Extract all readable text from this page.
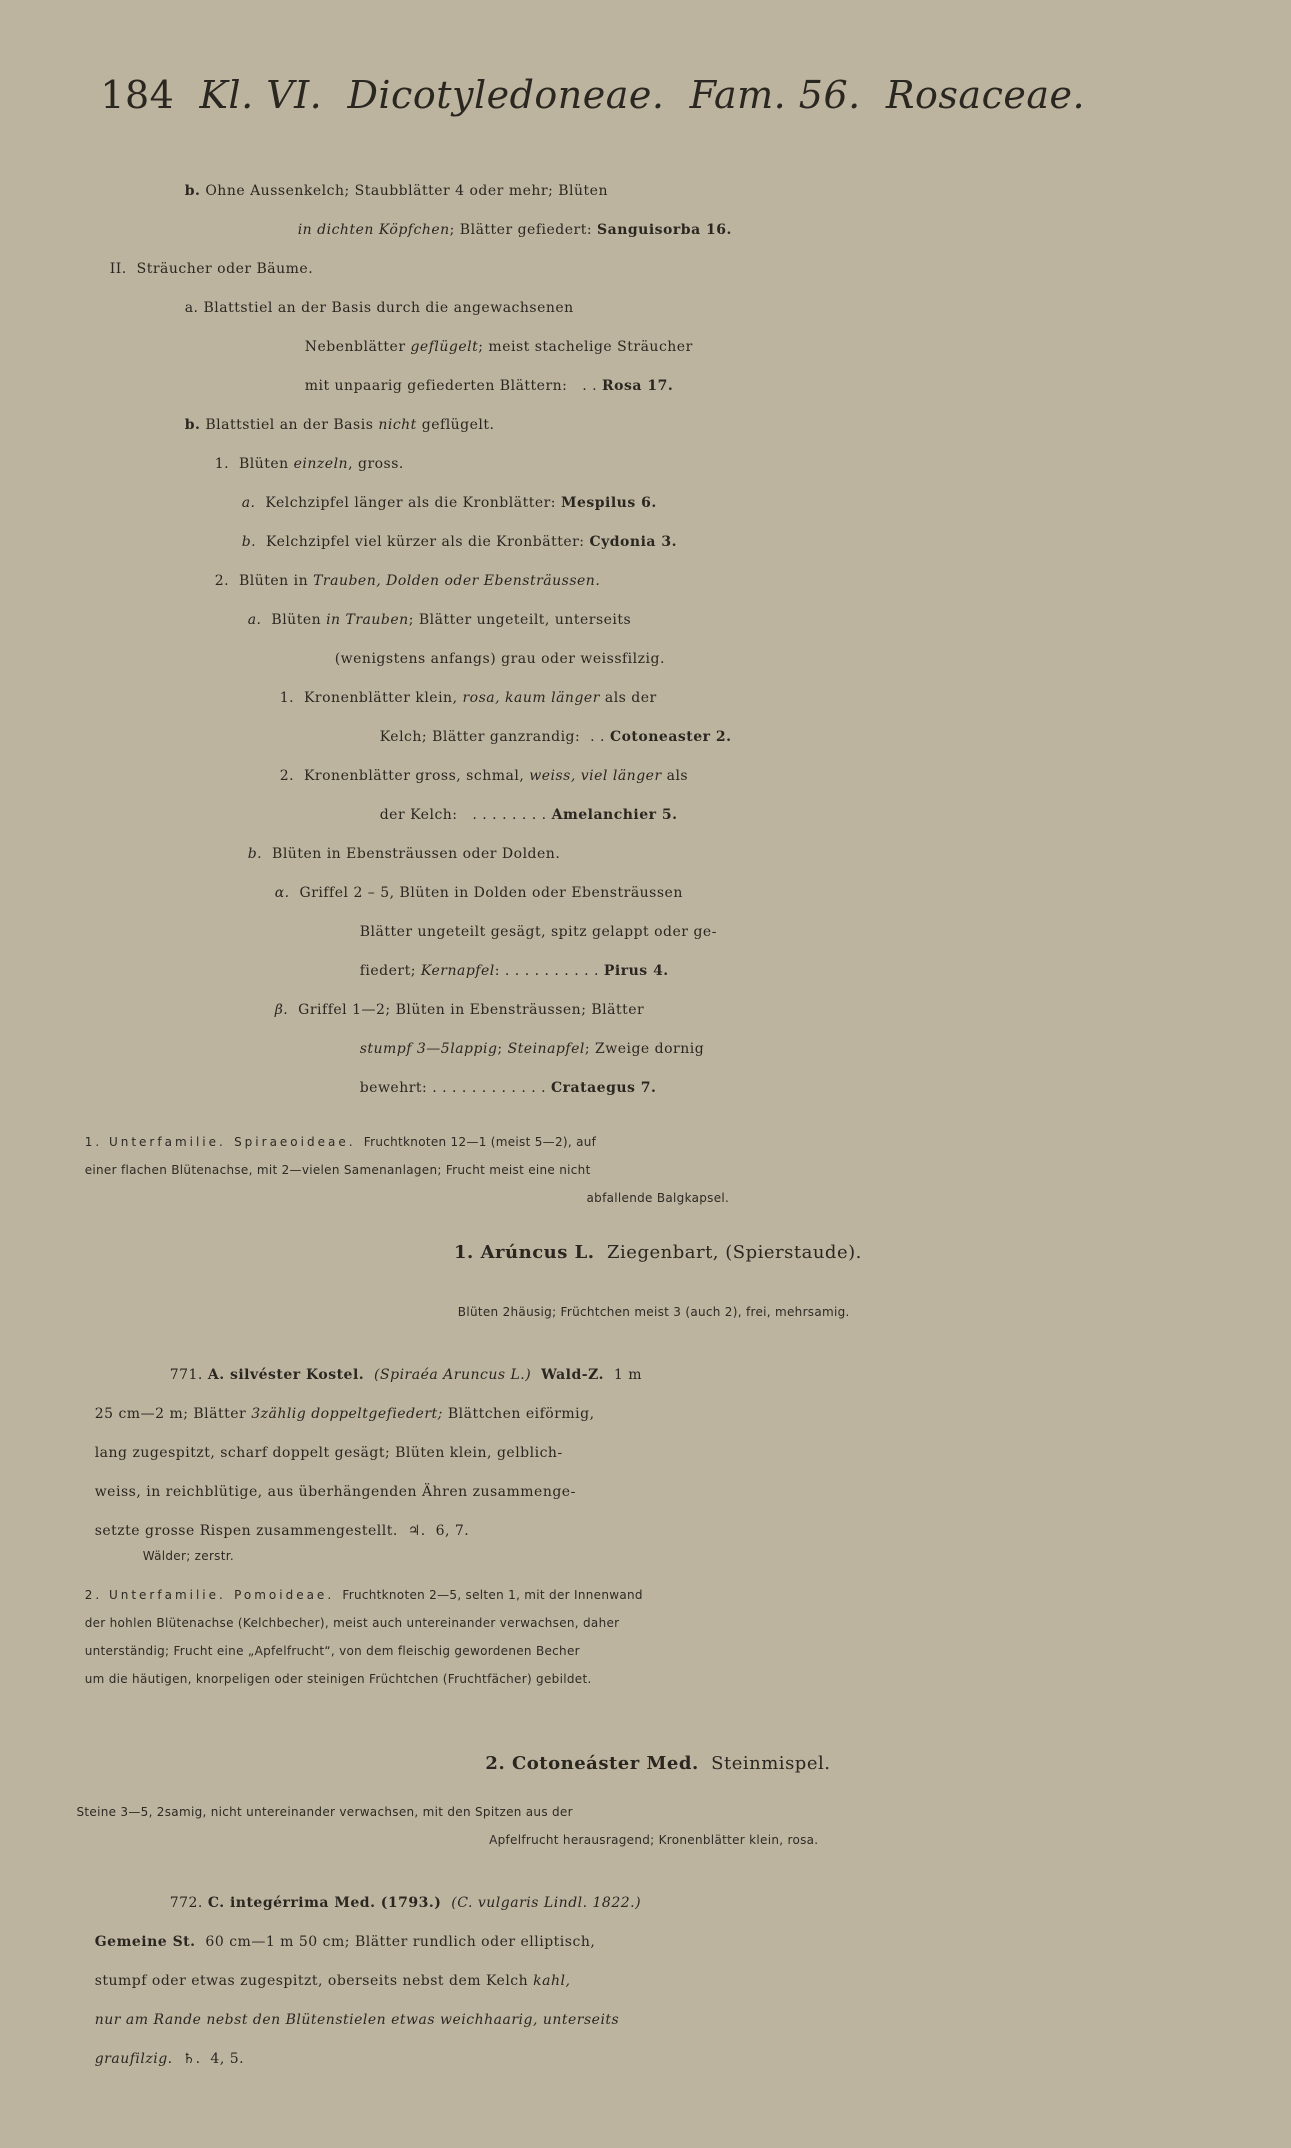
184 Kl. VI. Dicotyledoneae. Fam. 56. Rosaceae.

b. Ohne Aussenkelch; Staubblätter 4 oder mehr; Blüten

in dichten Köpfchen; Blätter gefiedert: Sanguisorba 16.

II. Sträucher oder Bäume.

a. Blattstiel an der Basis durch die angewachsenen

Nebenblätter geflügelt; meist stachelige Sträucher

mit unpaarig gefiederten Blättern:   . . Rosa 17.

b. Blattstiel an der Basis nicht geflügelt.

1. Blüten einzeln, gross.

a. Kelchzipfel länger als die Kronblätter: Mespilus 6.

b. Kelchzipfel viel kürzer als die Kronbätter: Cydonia 3.

2. Blüten in Trauben, Dolden oder Ebensträussen.

a. Blüten in Trauben; Blätter ungeteilt, unterseits

(wenigstens anfangs) grau oder weissfilzig.

1. Kronenblätter klein, rosa, kaum länger als der

Kelch; Blätter ganzrandig:  . . Cotoneaster 2.

2. Kronenblätter gross, schmal, weiss, viel länger als

der Kelch:   . . . . . . . . Amelanchier 5.

b. Blüten in Ebensträussen oder Dolden.

α. Griffel 2 – 5, Blüten in Dolden oder Ebensträussen

Blätter ungeteilt gesägt, spitz gelappt oder ge-

fiedert; Kernapfel: . . . . . . . . . . Pirus 4.

β. Griffel 1—2; Blüten in Ebensträussen; Blätter

stumpf 3—5lappig; Steinapfel; Zweige dornig

bewehrt: . . . . . . . . . . . . Crataegus 7.

1. Unterfamilie. Spiraeoideae. Fruchtknoten 12—1 (meist 5—2), auf

einer flachen Blütenachse, mit 2—vielen Samenanlagen; Frucht meist eine nicht

abfallende Balgkapsel.

1. Arúncus L. Ziegenbart, (Spierstaude).

Blüten 2häusig; Früchtchen meist 3 (auch 2), frei, mehrsamig.

771. A. silvéster Kostel.  (Spiraéa Aruncus L.)  Wald-Z.  1 m

25 cm—2 m; Blätter 3zählig doppeltgefiedert; Blättchen eiförmig,

lang zugespitzt, scharf doppelt gesägt; Blüten klein, gelblich-

weiss, in reichblütige, aus überhängenden Ähren zusammenge-

setzte grosse Rispen zusammengestellt.  ♃.  6, 7.

Wälder; zerstr.

2. Unterfamilie. Pomoideae. Fruchtknoten 2—5, selten 1, mit der Innenwand

der hohlen Blütenachse (Kelchbecher), meist auch untereinander verwachsen, daher

unterständig; Frucht eine „Apfelfrucht“, von dem fleischig gewordenen Becher

um die häutigen, knorpeligen oder steinigen Früchtchen (Fruchtfächer) gebildet.

2. Cotoneáster Med. Steinmispel.

Steine 3—5, 2samig, nicht untereinander verwachsen, mit den Spitzen aus der

Apfelfrucht herausragend; Kronenblätter klein, rosa.

772. C. integérrima Med. (1793.)  (C. vulgaris Lindl. 1822.)

Gemeine St.  60 cm—1 m 50 cm; Blätter rundlich oder elliptisch,

stumpf oder etwas zugespitzt, oberseits nebst dem Kelch kahl,

nur am Rande nebst den Blütenstielen etwas weichhaarig, unterseits

graufilzig.  ♄.  4, 5.
